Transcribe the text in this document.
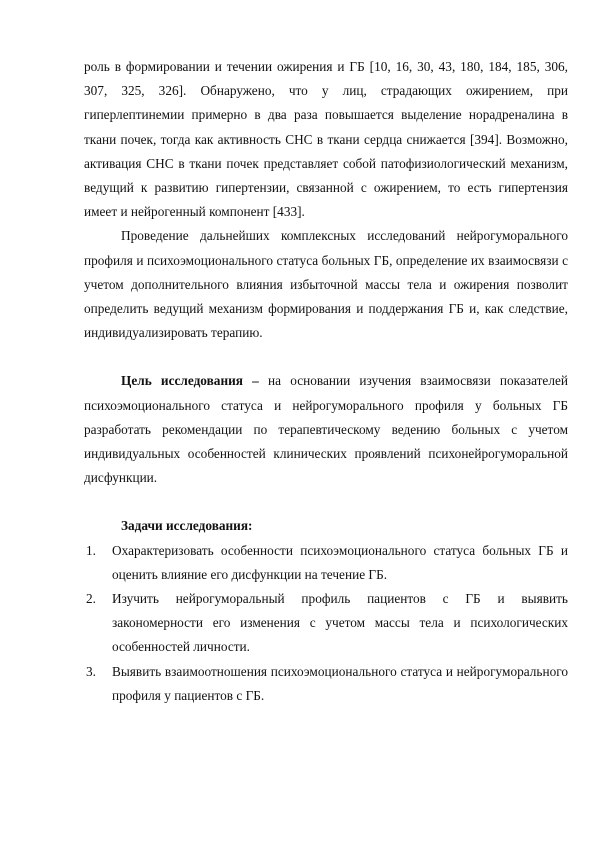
роль в формировании и течении ожирения и ГБ [10, 16, 30, 43, 180, 184, 185, 306, 307, 325, 326]. Обнаружено, что у лиц, страдающих ожирением, при гиперлептинемии примерно в два раза повышается выделение норадреналина в ткани почек, тогда как активность СНС в ткани сердца снижается [394]. Возможно, активация СНС в ткани почек представляет собой патофизиологический механизм, ведущий к развитию гипертензии, связанной с ожирением, то есть гипертензия имеет и нейрогенный компонент [433].

Проведение дальнейших комплексных исследований нейрогуморального профиля и психоэмоционального статуса больных ГБ, определение их взаимосвязи с учетом дополнительного влияния избыточной массы тела и ожирения позволит определить ведущий механизм формирования и поддержания ГБ и, как следствие, индивидуализировать терапию.

Цель исследования – на основании изучения взаимосвязи показателей психоэмоционального статуса и нейрогуморального профиля у больных ГБ разработать рекомендации по терапевтическому ведению больных с учетом индивидуальных особенностей клинических проявлений психонейрогуморальной дисфункции.

Задачи исследования:

1. Охарактеризовать особенности психоэмоционального статуса больных ГБ и оценить влияние его дисфункции на течение ГБ.
2. Изучить нейрогуморальный профиль пациентов с ГБ и выявить закономерности его изменения с учетом массы тела и психологических особенностей личности.
3. Выявить взаимоотношения психоэмоционального статуса и нейрогуморального профиля у пациентов с ГБ.
